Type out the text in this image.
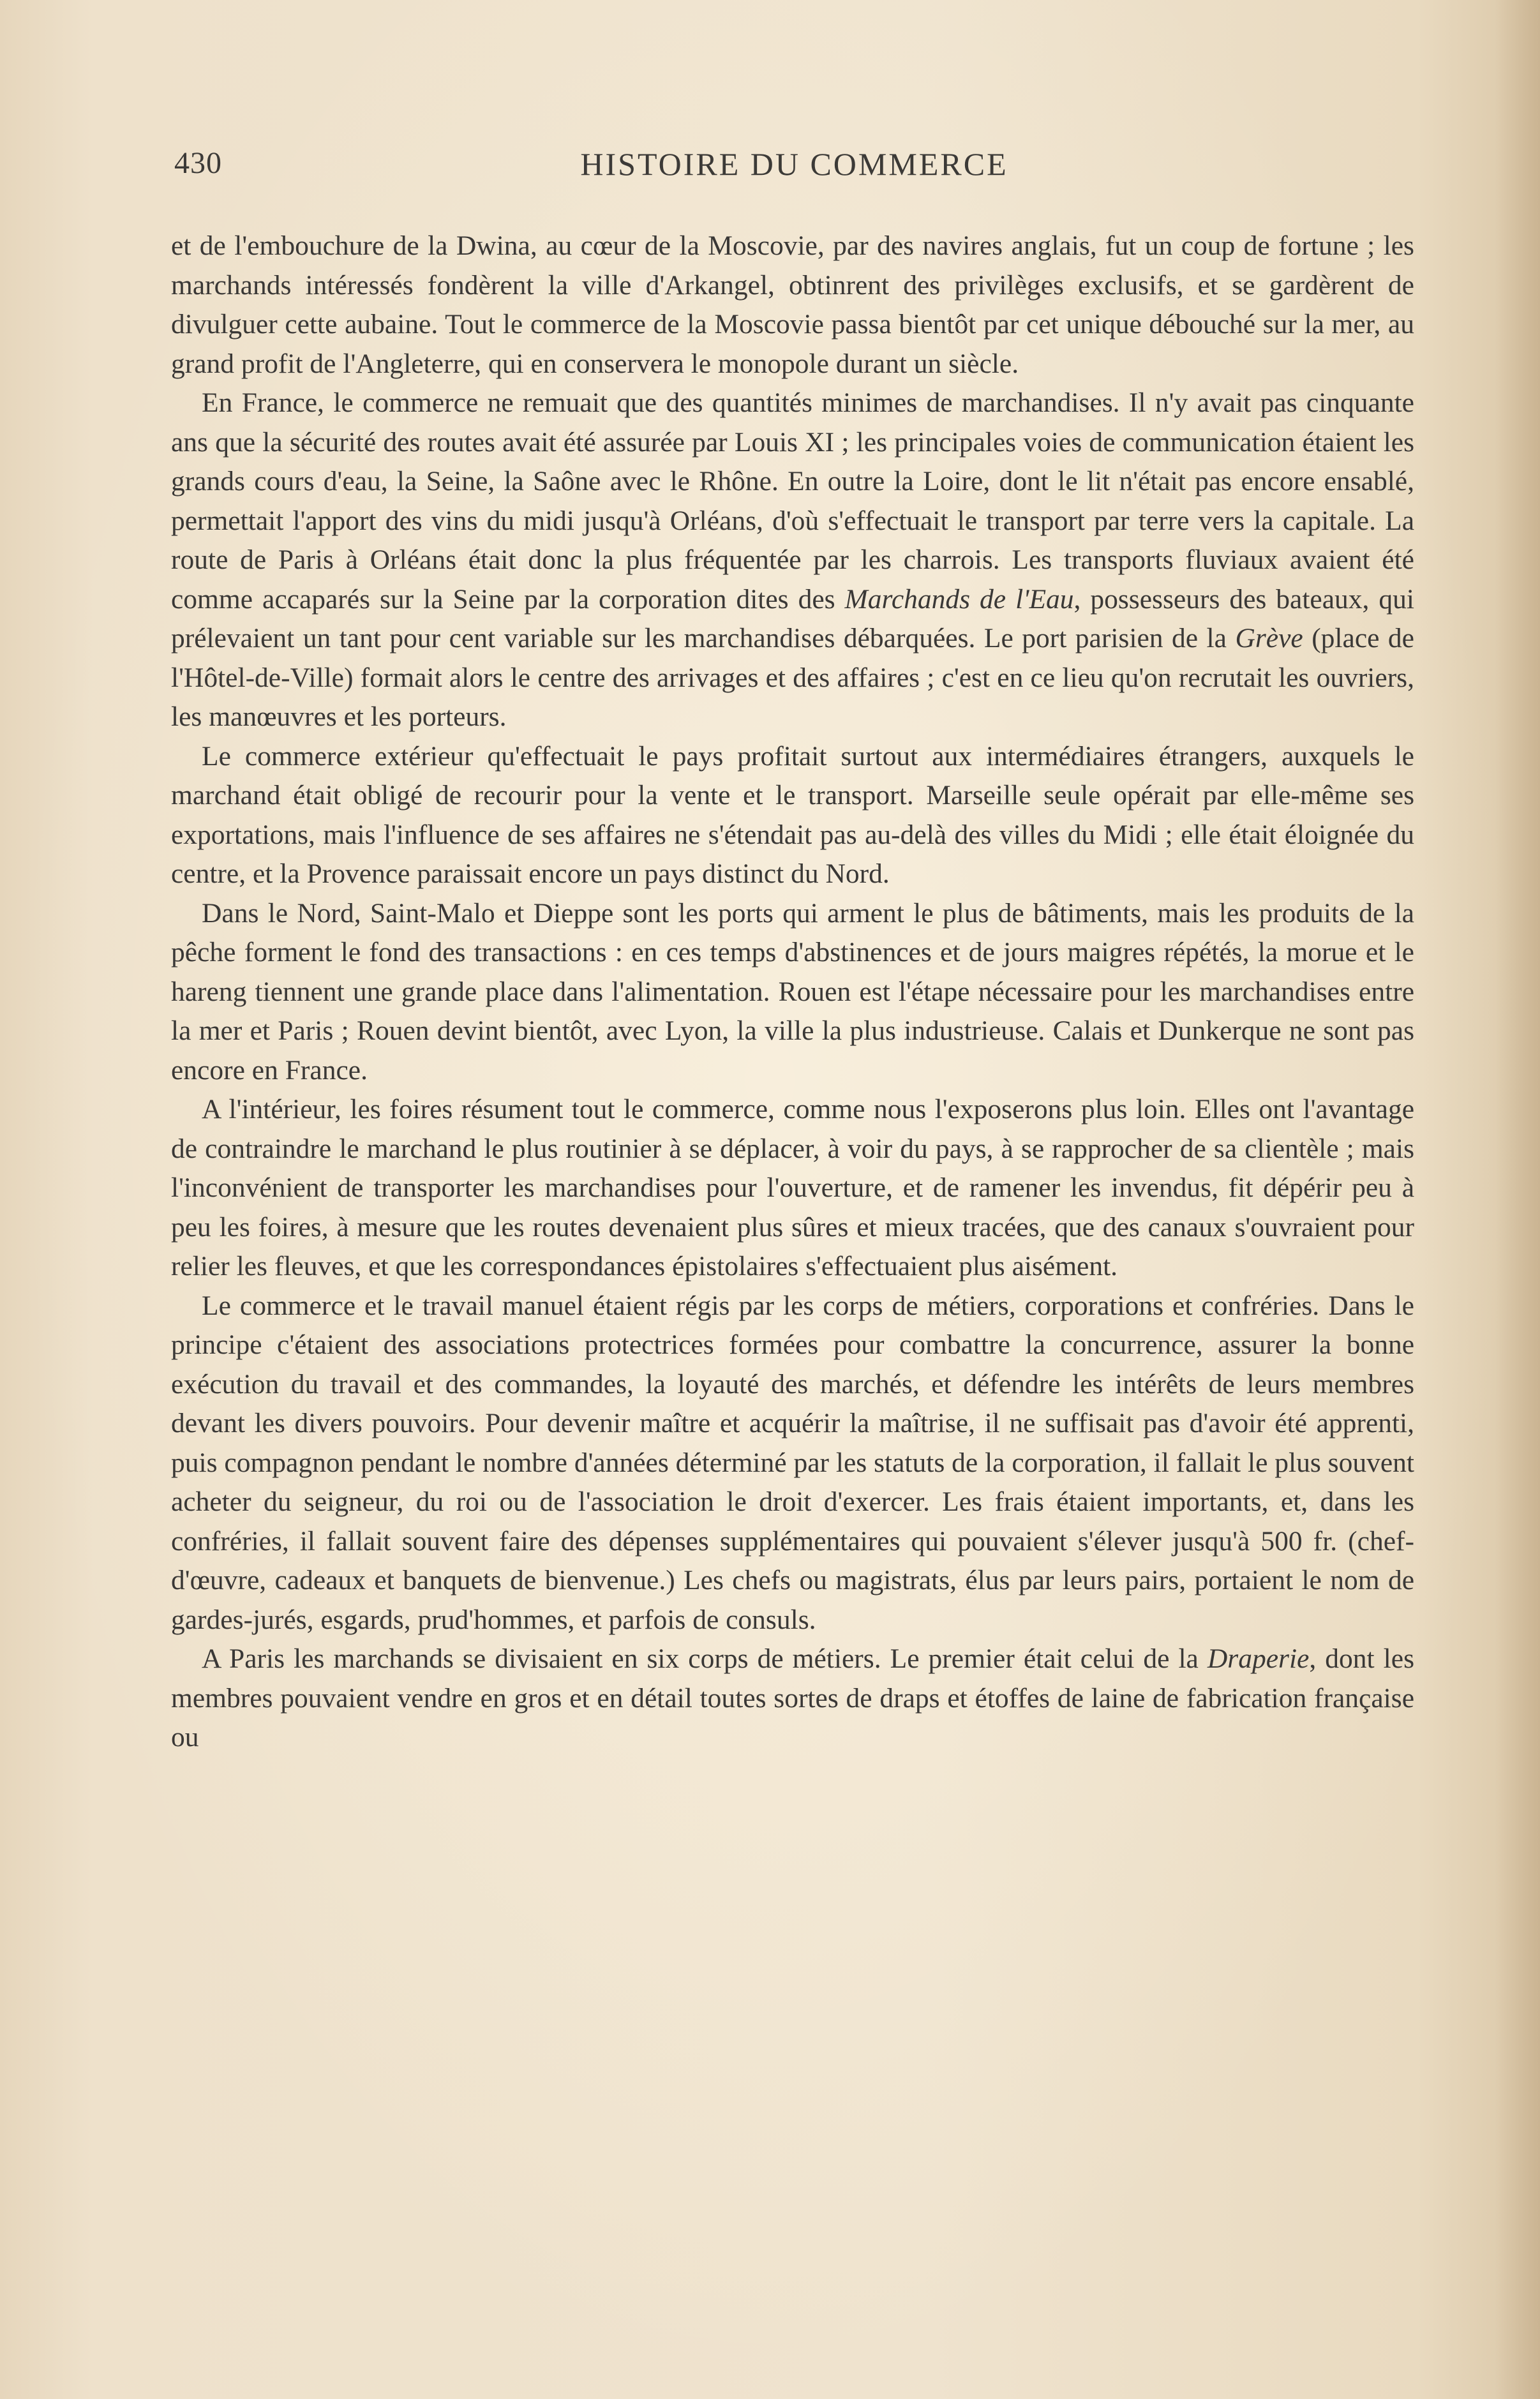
430	HISTOIRE DU COMMERCE

et de l'embouchure de la Dwina, au cœur de la Moscovie, par des navires anglais, fut un coup de fortune ; les marchands intéressés fondèrent la ville d'Arkangel, obtinrent des privilèges exclusifs, et se gardèrent de divulguer cette aubaine. Tout le commerce de la Moscovie passa bientôt par cet unique débouché sur la mer, au grand profit de l'Angleterre, qui en conservera le monopole durant un siècle.

En France, le commerce ne remuait que des quantités minimes de marchandises. Il n'y avait pas cinquante ans que la sécurité des routes avait été assurée par Louis XI ; les principales voies de communication étaient les grands cours d'eau, la Seine, la Saône avec le Rhône. En outre la Loire, dont le lit n'était pas encore ensablé, permettait l'apport des vins du midi jusqu'à Orléans, d'où s'effectuait le transport par terre vers la capitale. La route de Paris à Orléans était donc la plus fréquentée par les charrois. Les transports fluviaux avaient été comme accaparés sur la Seine par la corporation dites des Marchands de l'Eau, possesseurs des bateaux, qui prélevaient un tant pour cent variable sur les marchandises débarquées. Le port parisien de la Grève (place de l'Hôtel-de-Ville) formait alors le centre des arrivages et des affaires ; c'est en ce lieu qu'on recrutait les ouvriers, les manœuvres et les porteurs.

Le commerce extérieur qu'effectuait le pays profitait surtout aux intermédiaires étrangers, auxquels le marchand était obligé de recourir pour la vente et le transport. Marseille seule opérait par elle-même ses exportations, mais l'influence de ses affaires ne s'étendait pas au-delà des villes du Midi ; elle était éloignée du centre, et la Provence paraissait encore un pays distinct du Nord.

Dans le Nord, Saint-Malo et Dieppe sont les ports qui arment le plus de bâtiments, mais les produits de la pêche forment le fond des transactions : en ces temps d'abstinences et de jours maigres répétés, la morue et le hareng tiennent une grande place dans l'alimentation. Rouen est l'étape nécessaire pour les marchandises entre la mer et Paris ; Rouen devint bientôt, avec Lyon, la ville la plus industrieuse. Calais et Dunkerque ne sont pas encore en France.

A l'intérieur, les foires résument tout le commerce, comme nous l'exposerons plus loin. Elles ont l'avantage de contraindre le marchand le plus routinier à se déplacer, à voir du pays, à se rapprocher de sa clientèle ; mais l'inconvénient de transporter les marchandises pour l'ouverture, et de ramener les invendus, fit dépérir peu à peu les foires, à mesure que les routes devenaient plus sûres et mieux tracées, que des canaux s'ouvraient pour relier les fleuves, et que les correspondances épistolaires s'effectuaient plus aisément.

Le commerce et le travail manuel étaient régis par les corps de métiers, corporations et confréries. Dans le principe c'étaient des associations protectrices formées pour combattre la concurrence, assurer la bonne exécution du travail et des commandes, la loyauté des marchés, et défendre les intérêts de leurs membres devant les divers pouvoirs. Pour devenir maître et acquérir la maîtrise, il ne suffisait pas d'avoir été apprenti, puis compagnon pendant le nombre d'années déterminé par les statuts de la corporation, il fallait le plus souvent acheter du seigneur, du roi ou de l'association le droit d'exercer. Les frais étaient importants, et, dans les confréries, il fallait souvent faire des dépenses supplémentaires qui pouvaient s'élever jusqu'à 500 fr. (chef-d'œuvre, cadeaux et banquets de bienvenue.) Les chefs ou magistrats, élus par leurs pairs, portaient le nom de gardes-jurés, esgards, prud'hommes, et parfois de consuls.

A Paris les marchands se divisaient en six corps de métiers. Le premier était celui de la Draperie, dont les membres pouvaient vendre en gros et en détail toutes sortes de draps et étoffes de laine de fabrication française ou
